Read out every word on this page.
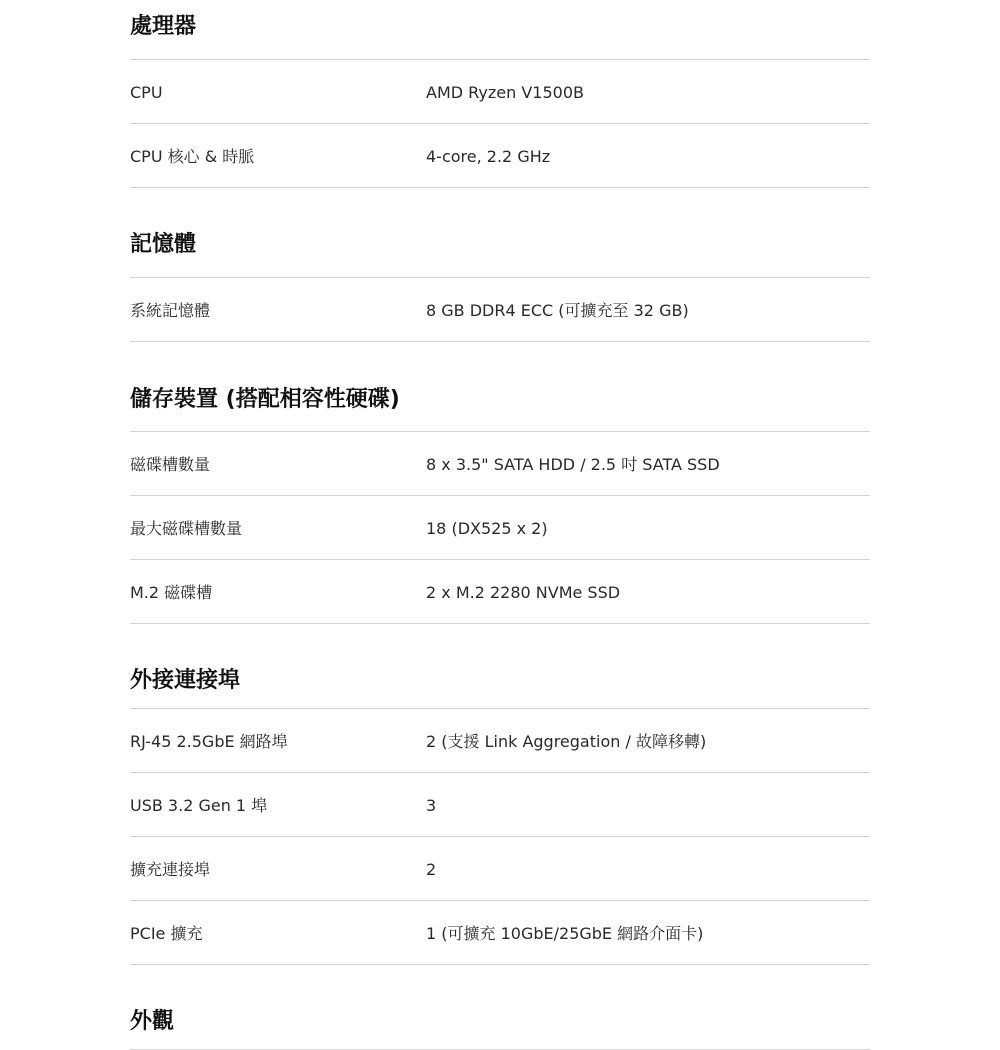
處理器
CPU	AMD Ryzen V1500B
CPU 核心 & 時脈	4-core, 2.2 GHz
記憶體
系統記憶體	8 GB DDR4 ECC (可擴充至 32 GB)
儲存裝置 (搭配相容性硬碟)
磁碟槽數量	8 x 3.5" SATA HDD / 2.5 吋 SATA SSD
最大磁碟槽數量	18 (DX525 x 2)
M.2 磁碟槽	2 x M.2 2280 NVMe SSD
外接連接埠
RJ-45 2.5GbE 網路埠	2 (支援 Link Aggregation / 故障移轉)
USB 3.2 Gen 1 埠	3
擴充連接埠	2
PCIe 擴充	1 (可擴充 10GbE/25GbE 網路介面卡)
外觀
